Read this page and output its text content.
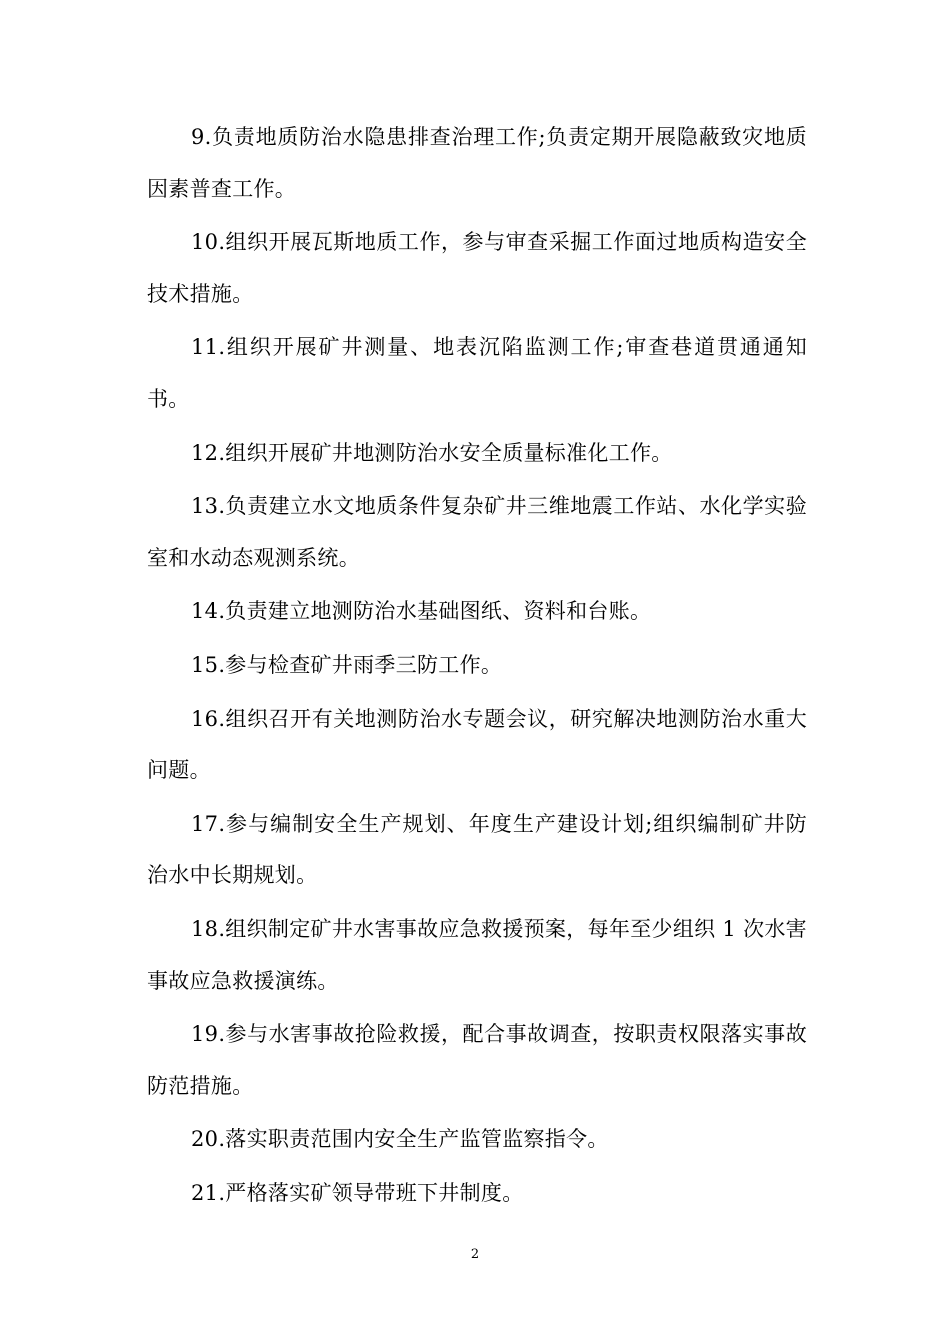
9.负责地质防治水隐患排查治理工作;负责定期开展隐蔽致灾地质因素普查工作。

10.组织开展瓦斯地质工作，参与审查采掘工作面过地质构造安全技术措施。

11.组织开展矿井测量、地表沉陷监测工作;审查巷道贯通通知书。

12.组织开展矿井地测防治水安全质量标准化工作。

13.负责建立水文地质条件复杂矿井三维地震工作站、水化学实验室和水动态观测系统。

14.负责建立地测防治水基础图纸、资料和台账。

15.参与检查矿井雨季三防工作。

16.组织召开有关地测防治水专题会议，研究解决地测防治水重大问题。

17.参与编制安全生产规划、年度生产建设计划;组织编制矿井防治水中长期规划。

18.组织制定矿井水害事故应急救援预案，每年至少组织 1 次水害事故应急救援演练。

19.参与水害事故抢险救援，配合事故调查，按职责权限落实事故防范措施。

20.落实职责范围内安全生产监管监察指令。

21.严格落实矿领导带班下井制度。

2
